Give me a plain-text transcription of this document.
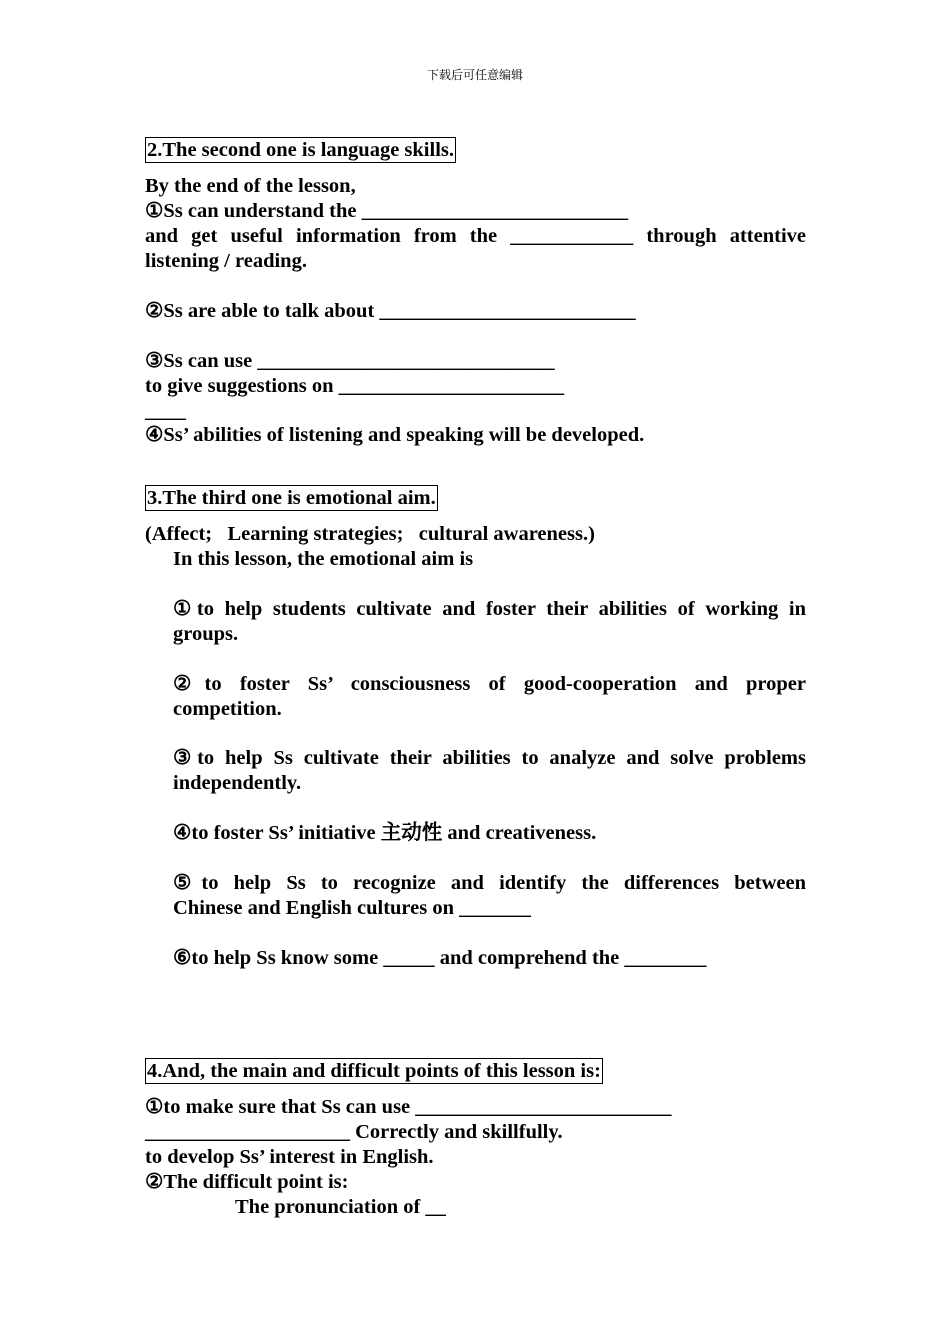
下载后可任意编辑
2.The second one is language skills.
By the end of the lesson,
①Ss can understand the __________________________
and get useful information from the ____________ through attentive
listening / reading.
②Ss are able to talk about _________________________
③Ss can use _____________________________
to give suggestions on ______________________
____
④Ss’ abilities of listening and speaking will be developed.
3.The third one is emotional aim.
(Affect;   Learning strategies;   cultural awareness.)
In this lesson, the emotional aim is
①to help students cultivate and foster their abilities of working in
groups.
②to foster Ss’ consciousness of good-cooperation and proper
competition.
③to help Ss cultivate their abilities to analyze and solve problems
independently.
④to foster Ss’ initiative 主动性 and creativeness.
⑤to help Ss to recognize and identify the differences between
Chinese and English cultures on _______
⑥to help Ss know some _____ and comprehend the ________
4.And, the main and difficult points of this lesson is:
①to make sure that Ss can use _________________________
____________________ Correctly and skillfully.
to develop Ss’ interest in English.
②The difficult point is:
The pronunciation of __
